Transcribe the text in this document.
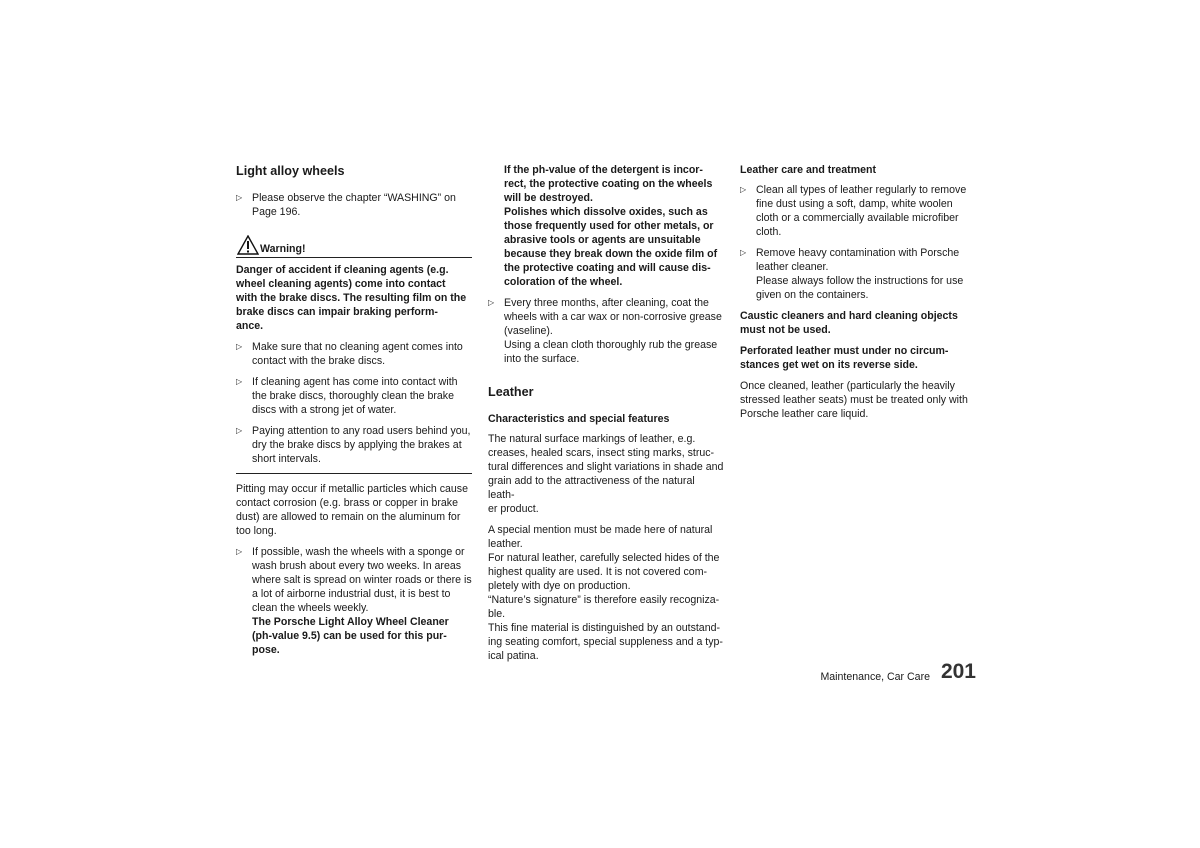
Light alloy wheels
▷ Please observe the chapter “WASHING” on
Page 196.
Warning!

Danger of accident if cleaning agents (e.g.
wheel cleaning agents) come into contact
with the brake discs. The resulting film on the
brake discs can impair braking perform-
ance.

▷ Make sure that no cleaning agent comes into
contact with the brake discs.
▷ If cleaning agent has come into contact with
the brake discs, thoroughly clean the brake
discs with a strong jet of water.
▷ Paying attention to any road users behind you,
dry the brake discs by applying the brakes at
short intervals.

Pitting may occur if metallic particles which cause
contact corrosion (e.g. brass or copper in brake
dust) are allowed to remain on the aluminum for
too long.

▷ If possible, wash the wheels with a sponge or
wash brush about every two weeks. In areas
where salt is spread on winter roads or there is
a lot of airborne industrial dust, it is best to
clean the wheels weekly.
The Porsche Light Alloy Wheel Cleaner
(ph-value 9.5) can be used for this pur-
pose.
If the ph-value of the detergent is incor-
rect, the protective coating on the wheels
will be destroyed.
Polishes which dissolve oxides, such as
those frequently used for other metals, or
abrasive tools or agents are unsuitable
because they break down the oxide film of
the protective coating and will cause dis-
coloration of the wheel.
▷ Every three months, after cleaning, coat the
wheels with a car wax or non-corrosive grease
(vaseline).
Using a clean cloth thoroughly rub the grease
into the surface.
Leather
Characteristics and special features

The natural surface markings of leather, e.g.
creases, healed scars, insect sting marks, struc-
tural differences and slight variations in shade and
grain add to the attractiveness of the natural leath-
er product.

A special mention must be made here of natural
leather.
For natural leather, carefully selected hides of the
highest quality are used. It is not covered com-
pletely with dye on production.
“Nature’s signature” is therefore easily recogniza-
ble.
This fine material is distinguished by an outstand-
ing seating comfort, special suppleness and a typ-
ical patina.

Leather care and treatment
▷ Clean all types of leather regularly to remove
fine dust using a soft, damp, white woolen
cloth or a commercially available microfiber
cloth.
▷ Remove heavy contamination with Porsche
leather cleaner.
Please always follow the instructions for use
given on the containers.

Caustic cleaners and hard cleaning objects
must not be used.

Perforated leather must under no circum-
stances get wet on its reverse side.

Once cleaned, leather (particularly the heavily
stressed leather seats) must be treated only with
Porsche leather care liquid.

Maintenance, Car Care 201
